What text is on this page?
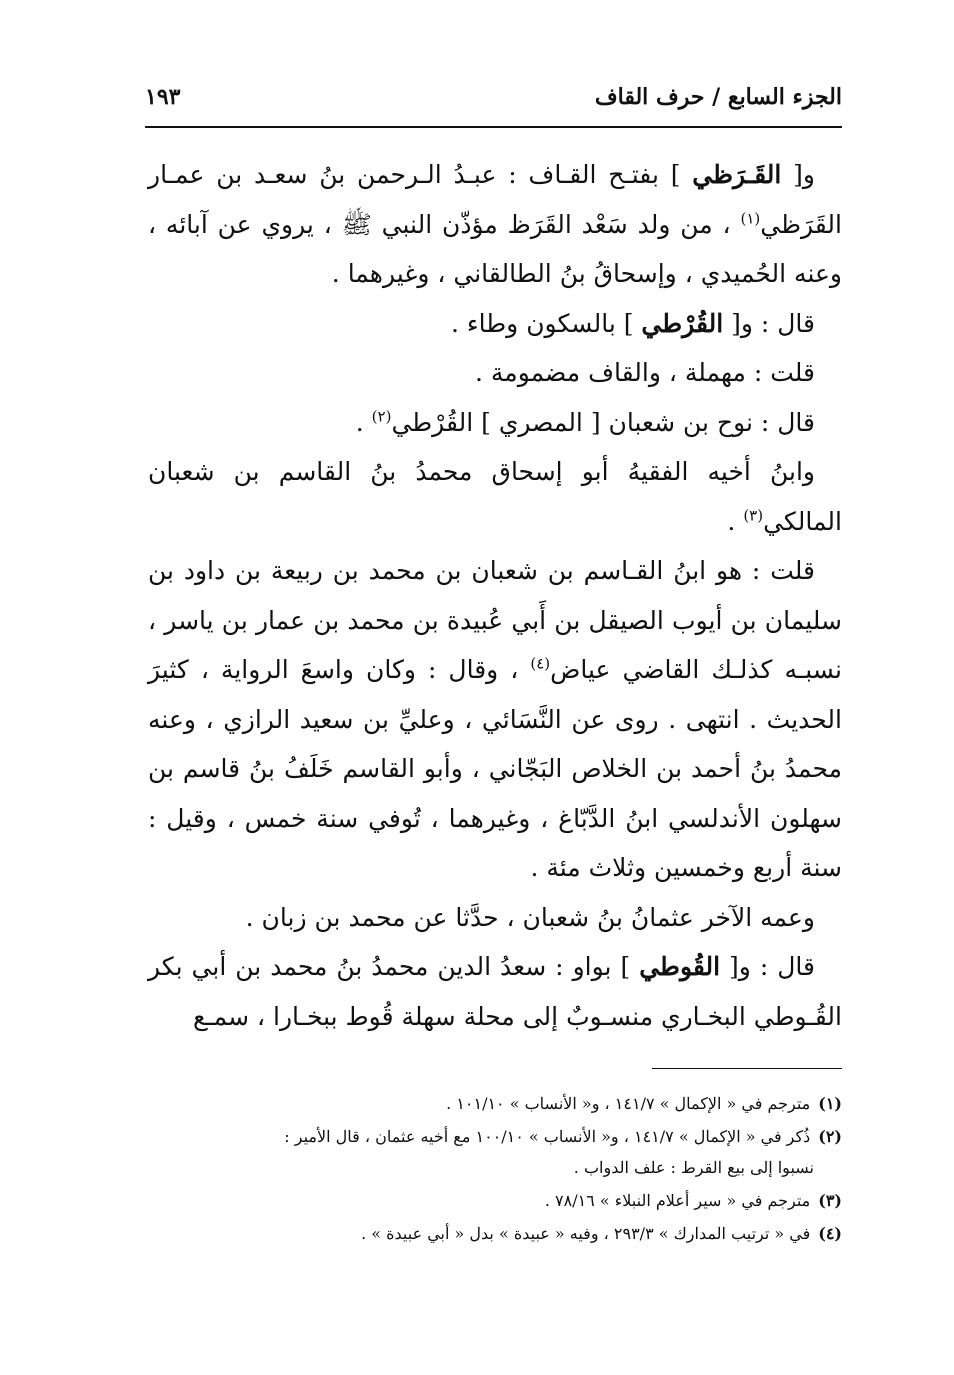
الجزء السابع / حرف القاف
١٩٣

و[ القَـرَظي ] بفتـح القـاف : عبـدُ الـرحمن بنُ سعـد بن عمـار القَرَظي$^{(١)}$ ، من ولد سَعْد القَرَظ مؤذّن النبي ﷺ ، يروي عن آبائه ، وعنه الحُميدي ، وإسحاقُ بنُ الطالقاني ، وغيرهما .

قال : و[ القُرْطي ] بالسكون وطاء .

قلت : مهملة ، والقاف مضمومة .

قال : نوح بن شعبان [ المصري ] القُرْطي$^{(٢)}$ .

وابنُ أخيه الفقيهُ أبو إسحاق محمدُ بنُ القاسم بن شعبان المالكي$^{(٣)}$ .

قلت : هو ابنُ القـاسم بن شعبان بن محمد بن ربيعة بن داود بن سليمان بن أيوب الصيقل بن أَبي عُبيدة بن محمد بن عمار بن ياسر ، نسبـه كذلـك القاضي عياض$^{(٤)}$ ، وقال : وكان واسعَ الرواية ، كثيرَ الحديث . انتهى . روى عن النَّسَائي ، وعليِّ بن سعيد الرازي ، وعنه محمدُ بنُ أحمد بن الخلاص البَجّاني ، وأبو القاسم خَلَفُ بنُ قاسم بن سهلون الأندلسي ابنُ الدَّبّاغ ، وغيرهما ، تُوفي سنة خمس ، وقيل : سنة أربع وخمسين وثلاث مئة .

وعمه الآخر عثمانُ بنُ شعبان ، حدَّثا عن محمد بن زبان .

قال : و[ القُوطي ] بواو : سعدُ الدين محمدُ بنُ محمد بن أبي بكر القُـوطي البخـاري منسـوبٌ إلى محلة سهلة قُوط ببخـارا ، سمـع

(١)مترجم في « الإكمال » ١٤١/٧ ، و« الأنساب » ١٠١/١٠ .

(٢)ذُكر في « الإكمال » ١٤١/٧ ، و« الأنساب » ١٠٠/١٠ مع أخيه عثمان ، قال الأمير :
نسبوا إلى بيع القرط : علف الدواب .

(٣)مترجم في « سير أعلام النبلاء » ٧٨/١٦ .

(٤)في « ترتيب المدارك » ٢٩٣/٣ ، وفيه « عبيدة » بدل « أبي عبيدة » .
